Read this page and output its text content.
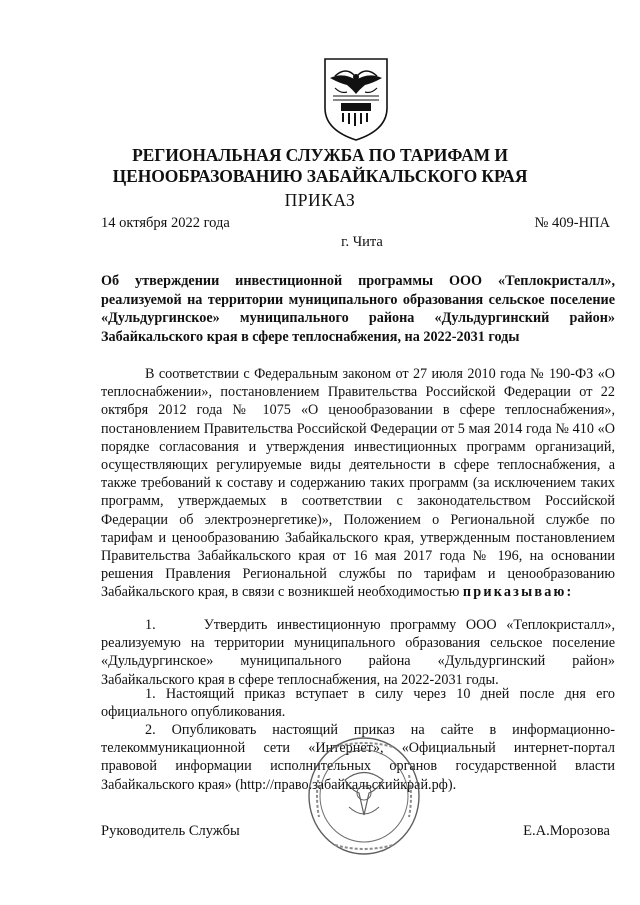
РЕГИОНАЛЬНАЯ СЛУЖБА ПО ТАРИФАМ И
ЦЕНООБРАЗОВАНИЮ ЗАБАЙКАЛЬСКОГО КРАЯ
ПРИКАЗ
14 октября 2022 года	№ 409-НПА
г. Чита
Об утверждении инвестиционной программы ООО «Теплокристалл», реализуемой на территории муниципального образования сельское поселение «Дульдургинское» муниципального района «Дульдургинский район» Забайкальского края в сфере теплоснабжения, на 2022-2031 годы
В соответствии с Федеральным законом от 27 июля 2010 года № 190-ФЗ «О теплоснабжении», постановлением Правительства Российской Федерации от 22 октября 2012 года № 1075 «О ценообразовании в сфере теплоснабжения», постановлением Правительства Российской Федерации от 5 мая 2014 года № 410 «О порядке согласования и утверждения инвестиционных программ организаций, осуществляющих регулируемые виды деятельности в сфере теплоснабжения, а также требований к составу и содержанию таких программ (за исключением таких программ, утверждаемых в соответствии с законодательством Российской Федерации об электроэнергетике)», Положением о Региональной службе по тарифам и ценообразованию Забайкальского края, утвержденным постановлением Правительства Забайкальского края от 16 мая 2017 года № 196, на основании решения Правления Региональной службы по тарифам и ценообразованию Забайкальского края, в связи с возникшей необходимостью приказываю:
1.     Утвердить инвестиционную программу ООО «Теплокристалл», реализуемую на территории муниципального образования сельское поселение «Дульдургинское» муниципального района «Дульдургинский район» Забайкальского края в сфере теплоснабжения, на 2022-2031 годы.
1. Настоящий приказ вступает в силу через 10 дней после дня его официального опубликования.
2. Опубликовать настоящий приказ на сайте в информационно-телекоммуникационной сети «Интернет», «Официальный интернет-портал правовой информации исполнительных органов государственной власти Забайкальского края» (http://право.забайкальскийкрай.рф).
Руководитель Службы	Е.А.Морозова
